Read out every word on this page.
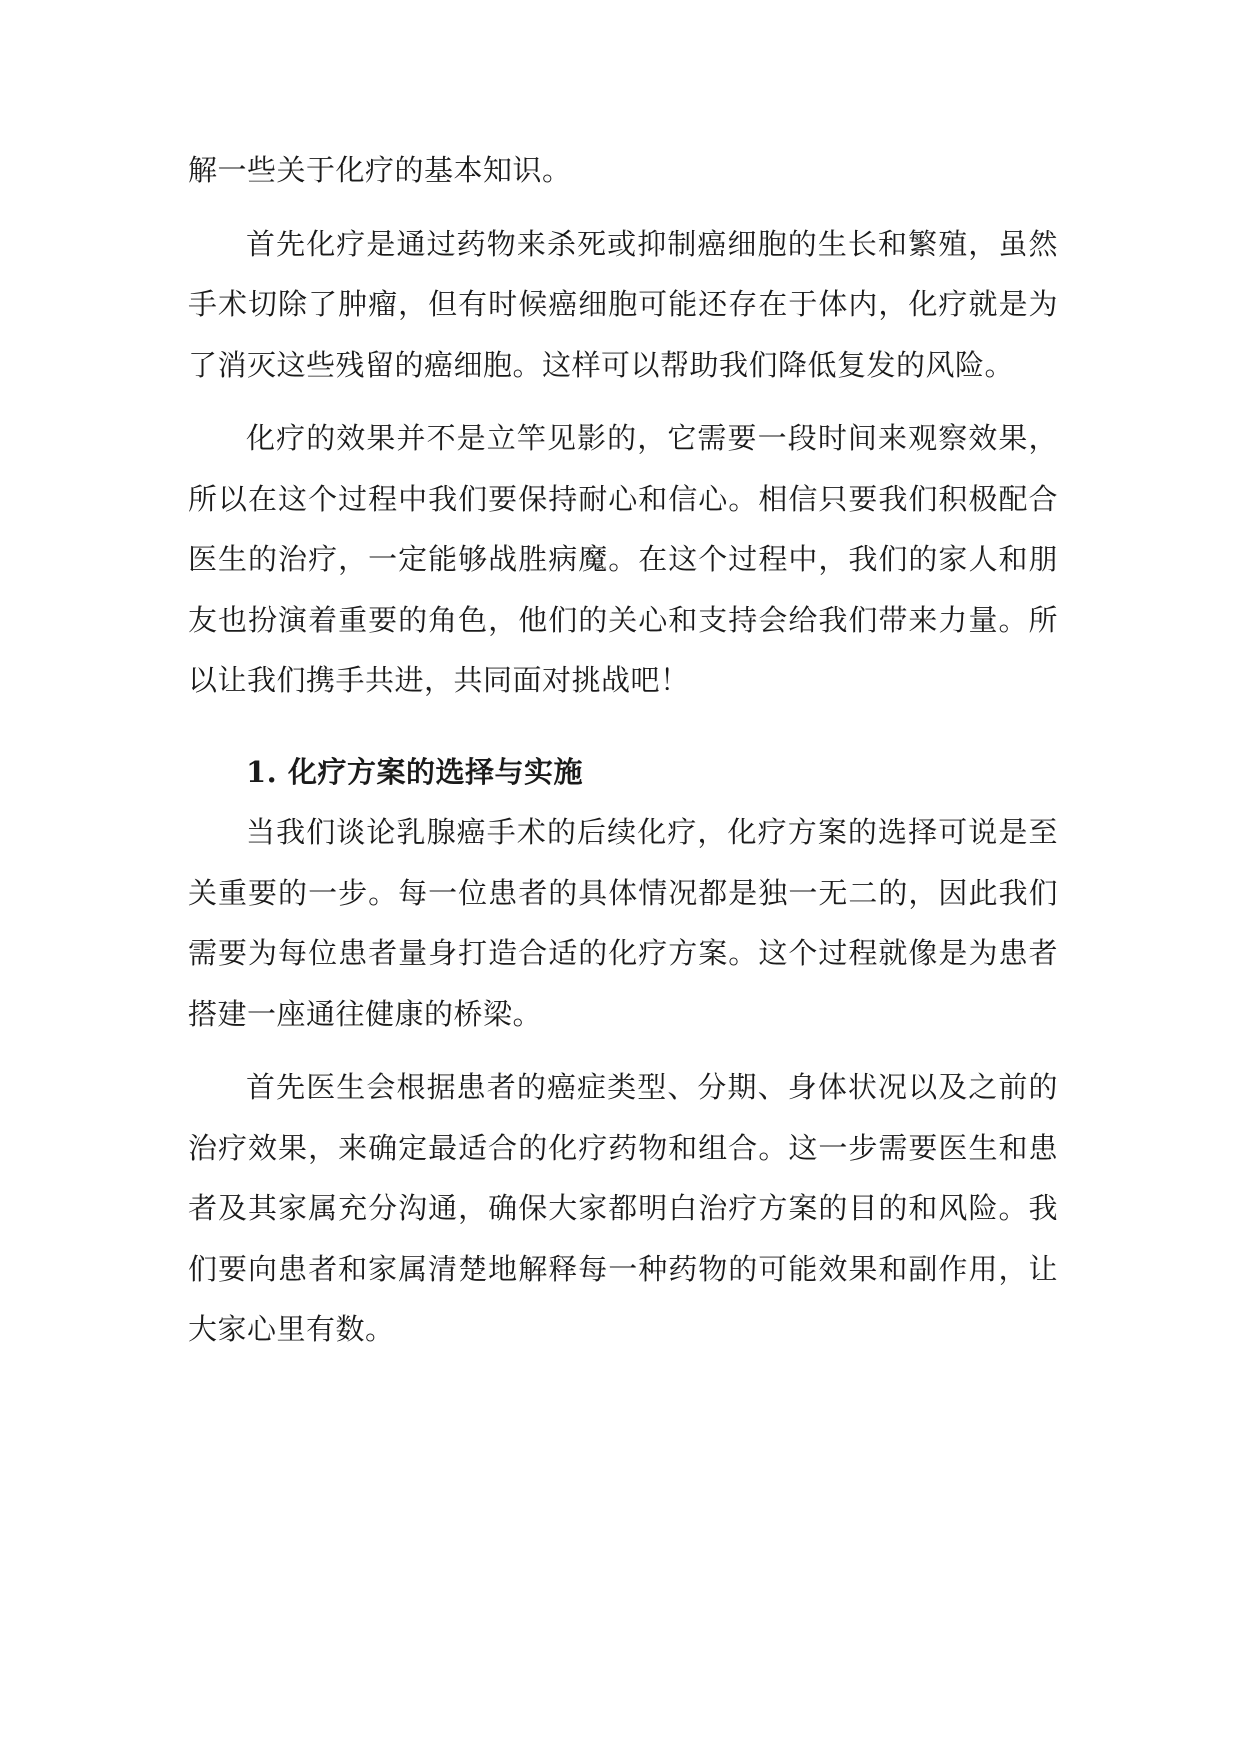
解一些关于化疗的基本知识。

首先化疗是通过药物来杀死或抑制癌细胞的生长和繁殖，虽然手术切除了肿瘤，但有时候癌细胞可能还存在于体内，化疗就是为了消灭这些残留的癌细胞。这样可以帮助我们降低复发的风险。

化疗的效果并不是立竿见影的，它需要一段时间来观察效果，所以在这个过程中我们要保持耐心和信心。相信只要我们积极配合医生的治疗，一定能够战胜病魔。在这个过程中，我们的家人和朋友也扮演着重要的角色，他们的关心和支持会给我们带来力量。所以让我们携手共进，共同面对挑战吧！

1. 化疗方案的选择与实施

当我们谈论乳腺癌手术的后续化疗，化疗方案的选择可说是至关重要的一步。每一位患者的具体情况都是独一无二的，因此我们需要为每位患者量身打造合适的化疗方案。这个过程就像是为患者搭建一座通往健康的桥梁。

首先医生会根据患者的癌症类型、分期、身体状况以及之前的治疗效果，来确定最适合的化疗药物和组合。这一步需要医生和患者及其家属充分沟通，确保大家都明白治疗方案的目的和风险。我们要向患者和家属清楚地解释每一种药物的可能效果和副作用，让大家心里有数。
